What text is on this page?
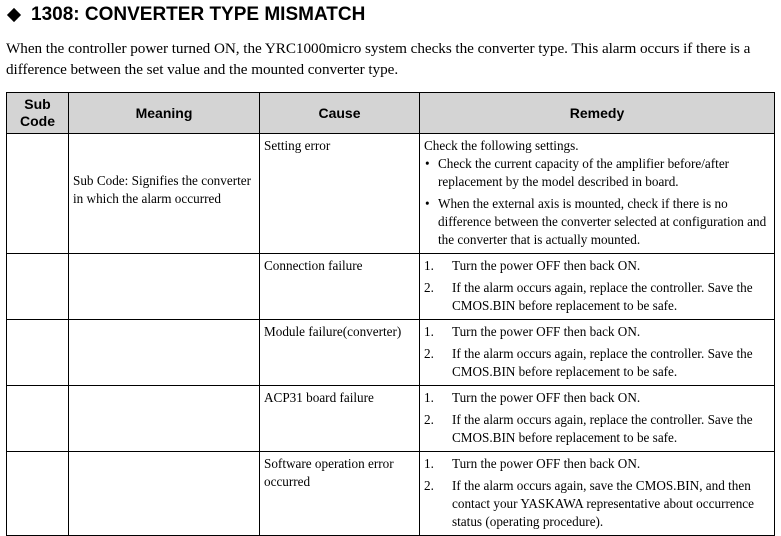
1308: CONVERTER TYPE MISMATCH
When the controller power turned ON, the YRC1000micro system checks the converter type. This alarm occurs if there is a difference between the set value and the mounted converter type.
Sub
Code	Meaning	Cause	Remedy
	Sub Code: Signifies the converter in which the alarm occurred	Setting error	Check the following settings.
• Check the current capacity of the amplifier before/after replacement by the model described in board.
• When the external axis is mounted, check if there is no difference between the converter selected at configuration and the converter that is actually mounted.

		Connection failure	1. Turn the power OFF then back ON.
2. If the alarm occurs again, replace the controller. Save the CMOS.BIN before replacement to be safe.

		Module failure(converter)	1. Turn the power OFF then back ON.
2. If the alarm occurs again, replace the controller. Save the CMOS.BIN before replacement to be safe.

		ACP31 board failure	1. Turn the power OFF then back ON.
2. If the alarm occurs again, replace the controller. Save the CMOS.BIN before replacement to be safe.

		Software operation error occurred	1. Turn the power OFF then back ON.
2. If the alarm occurs again, save the CMOS.BIN, and then contact your YASKAWA representative about occurrence status (operating procedure).
